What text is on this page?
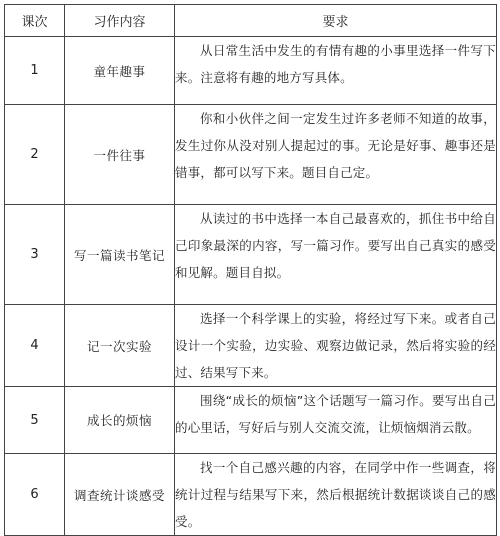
课次	习作内容	要求
1	童年趣事	从日常生活中发生的有情有趣的小事里选择一件写下来。注意将有趣的地方写具体。
2	一件往事	你和小伙伴之间一定发生过许多老师不知道的故事，发生过你从没对别人提起过的事。无论是好事、趣事还是错事，都可以写下来。题目自己定。
3	写一篇读书笔记	从读过的书中选择一本自己最喜欢的，抓住书中给自己印象最深的内容，写一篇习作。要写出自己真实的感受和见解。题目自拟。
4	记一次实验	选择一个科学课上的实验，将经过写下来。或者自己设计一个实验，边实验、观察边做记录，然后将实验的经过、结果写下来。
5	成长的烦恼	围绕“成长的烦恼”这个话题写一篇习作。要写出自己的心里话，写好后与别人交流交流，让烦恼烟消云散。
6	调查统计谈感受	找一个自己感兴趣的内容，在同学中作一些调查，将统计过程与结果写下来，然后根据统计数据谈谈自己的感受。
